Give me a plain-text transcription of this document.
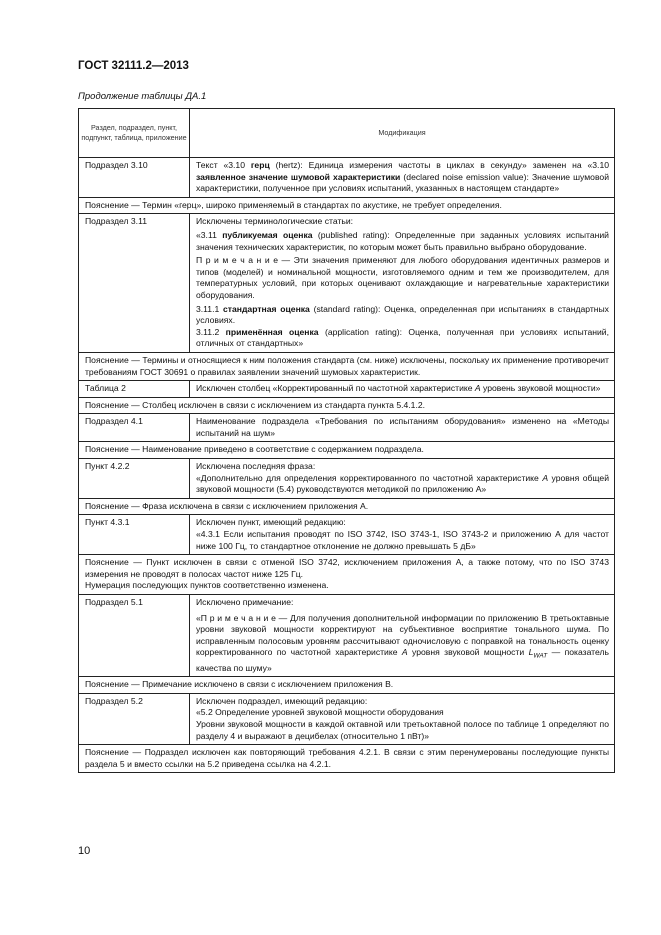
ГОСТ 32111.2—2013
Продолжение таблицы ДА.1
Раздел, подраздел, пункт, подпункт, таблица, приложение	Модификация
Подраздел 3.10	Текст «3.10 герц (hertz): Единица измерения частоты в циклах в секунду» заменен на «3.10 заявленное значение шумовой характеристики (declared noise emission value): Значение шумовой характеристики, полученное при условиях испытаний, указанных в настоящем стандарте»

Пояснение — Термин «герц», широко применяемый в стандартах по акустике, не требует определения.	
Подраздел 3.11	Исключены терминологические статьи:

«3.11 публикуемая оценка (published rating): Определенные при заданных условиях испытаний значения технических характеристик, по которым может быть правильно выбрано оборудование.

П р и м е ч а н и е — Эти значения применяют для любого оборудования идентичных размеров и типов (моделей) и номинальной мощности, изготовляемого одним и тем же производителем, для температурных условий, при которых оценивают охлаждающие и нагревательные характеристики оборудования.

3.11.1 стандартная оценка (standard rating): Оценка, определенная при испытаниях в стандартных условиях.

3.11.2 применённая оценка (application rating): Оценка, полученная при условиях испытаний, отличных от стандартных»

Пояснение — Термины и относящиеся к ним положения стандарта (см. ниже) исключены, поскольку их применение противоречит требованиям ГОСТ 30691 о правилах заявлении значений шумовых характеристик.	
Таблица 2	Исключен столбец «Корректированный по частотной характеристике А уровень звуковой мощности»

Пояснение — Столбец исключен в связи с исключением из стандарта пункта 5.4.1.2.	
Подраздел 4.1	Наименование подраздела «Требования по испытаниям оборудования» изменено на «Методы испытаний на шум»

Пояснение — Наименование приведено в соответствие с содержанием подраздела.	
Пункт 4.2.2	Исключена последняя фраза:

«Дополнительно для определения корректированного по частотной характеристике А уровня общей звуковой мощности (5.4) руководствуются методикой по приложению А»

Пояснение — Фраза исключена в связи с исключением приложения А.	
Пункт 4.3.1	Исключен пункт, имеющий редакцию:

«4.3.1 Если испытания проводят по ISO 3742, ISO 3743-1, ISO 3743-2 и приложению А для частот ниже 100 Гц, то стандартное отклонение не должно превышать 5 дБ»

Пояснение — Пункт исключен в связи с отменой ISO 3742, исключением приложения А, а также потому, что по ISO 3743 измерения не проводят в полосах частот ниже 125 Гц.
Нумерация последующих пунктов соответственно изменена.	

Подраздел 5.1	Исключено примечание:

«П р и м е ч а н и е — Для получения дополнительной информации по приложению В третьоктавные уровни звуковой мощности корректируют на субъективное восприятие тонального шума. По исправленным полосовым уровням рассчитывают одночисловую с поправкой на тональность оценку корректированного по частотной характеристике А уровня звуковой мощности $L_{WAT}$ — показатель качества по шуму»

Пояснение — Примечание исключено в связи с исключением приложения В.	
Подраздел 5.2	Исключен подраздел, имеющий редакцию:

«5.2 Определение уровней звуковой мощности оборудования

Уровни звуковой мощности в каждой октавной или третьоктавной полосе по таблице 1 определяют по разделу 4 и выражают в децибелах (относительно 1 пВт)»

Пояснение — Подраздел исключен как повторяющий требования 4.2.1. В связи с этим перенумерованы последующие пункты раздела 5 и вместо ссылки на 5.2 приведена ссылка на 4.2.1.	
10
